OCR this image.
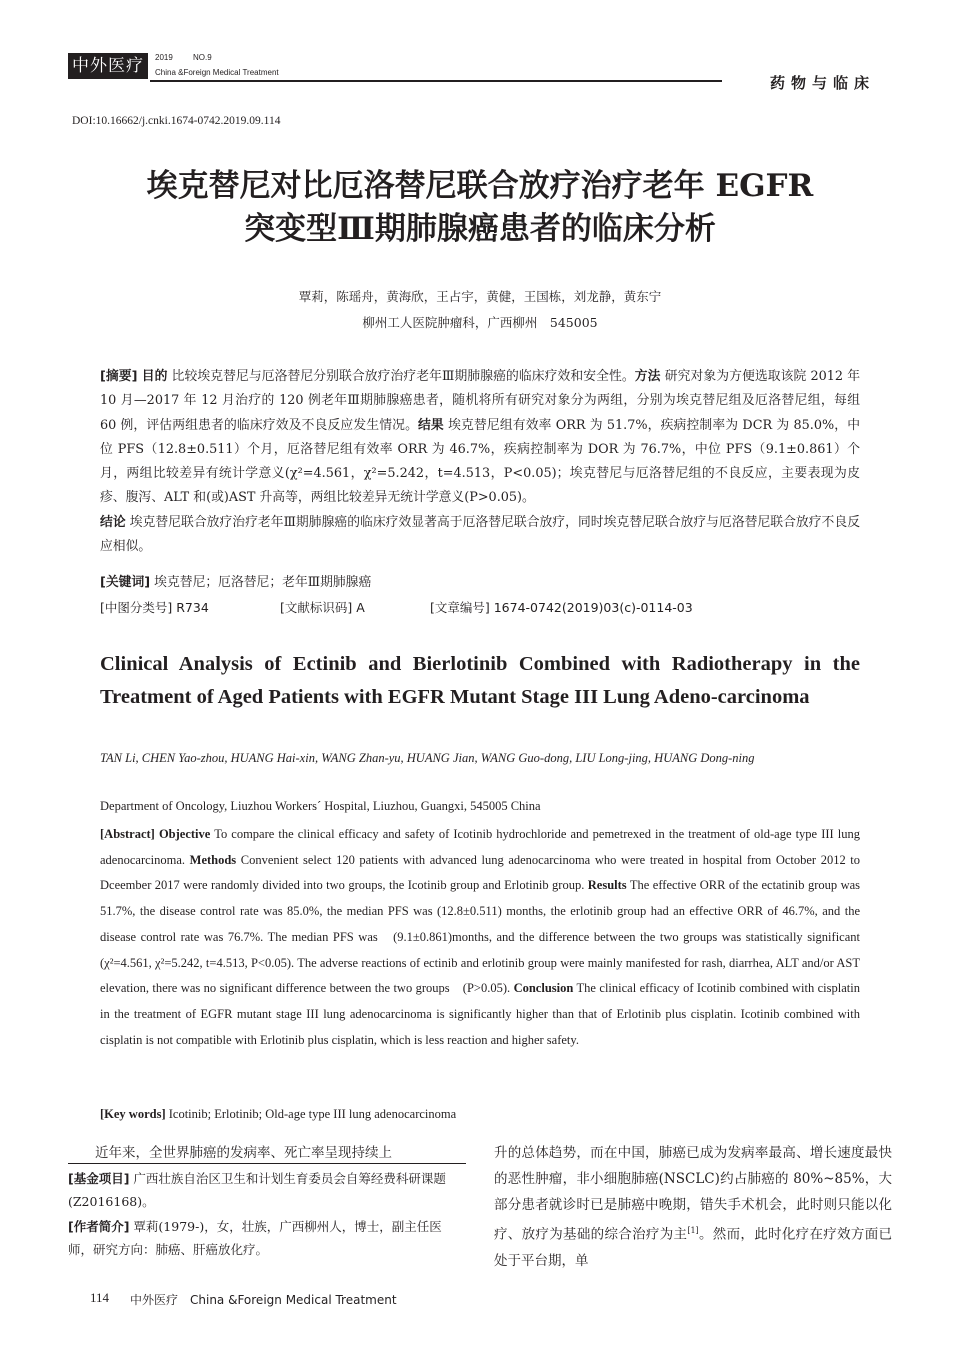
中外医疗	2019	NO.9
China &Foreign Medical Treatment
药物与临床
DOI:10.16662/j.cnki.1674-0742.2019.09.114
埃克替尼对比厄洛替尼联合放疗治疗老年 EGFR
突变型Ⅲ期肺腺癌患者的临床分析
覃莉，陈瑶舟，黄海欣，王占宇，黄健，王国栋，刘龙静，黄东宁
柳州工人医院肿瘤科，广西柳州　545005
[摘要] 目的 比较埃克替尼与厄洛替尼分别联合放疗治疗老年Ⅲ期肺腺癌的临床疗效和安全性。方法 研究对象为方便选取该院 2012 年 10 月—2017 年 12 月治疗的 120 例老年Ⅲ期肺腺癌患者，随机将所有研究对象分为两组，分别为埃克替尼组及厄洛替尼组，每组 60 例，评估两组患者的临床疗效及不良反应发生情况。结果 埃克替尼组有效率 ORR 为 51.7%，疾病控制率为 DCR 为 85.0%，中位 PFS（12.8±0.511）个月，厄洛替尼组有效率 ORR 为 46.7%，疾病控制率为 DOR 为 76.7%，中位 PFS（9.1±0.861）个月，两组比较差异有统计学意义(χ²=4.561，χ²=5.242，t=4.513，P<0.05)；埃克替尼与厄洛替尼组的不良反应，主要表现为皮疹、腹泻、ALT 和(或)AST 升高等，两组比较差异无统计学意义(P>0.05)。
结论 埃克替尼联合放疗治疗老年Ⅲ期肺腺癌的临床疗效显著高于厄洛替尼联合放疗，同时埃克替尼联合放疗与厄洛替尼联合放疗不良反应相似。
[关键词] 埃克替尼；厄洛替尼；老年Ⅲ期肺腺癌
[中图分类号] R734	[文献标识码] A	[文章编号] 1674-0742(2019)03(c)-0114-03
Clinical Analysis of Ectinib and Bierlotinib Combined with Radiotherapy in the Treatment of Aged Patients with EGFR Mutant Stage III Lung Adeno-carcinoma
TAN Li, CHEN Yao-zhou, HUANG Hai-xin, WANG Zhan-yu, HUANG Jian, WANG Guo-dong, LIU Long-jing, HUANG Dong-ning
Department of Oncology, Liuzhou Workers´ Hospital, Liuzhou, Guangxi, 545005 China
[Abstract] Objective To compare the clinical efficacy and safety of Icotinib hydrochloride and pemetrexed in the treatment of old-age type III lung adenocarcinoma. Methods Convenient select 120 patients with advanced lung adenocarcinoma who were treated in hospital from October 2012 to Dceember 2017 were randomly divided into two groups, the Icotinib group and Erlotinib group. Results The effective ORR of the ectatinib group was 51.7%, the disease control rate was 85.0%, the median PFS was (12.8±0.511) months, the erlotinib group had an effective ORR of 46.7%, and the disease control rate was 76.7%. The median PFS was　(9.1±0.861)months, and the difference between the two groups was statistically significant (χ²=4.561, χ²=5.242, t=4.513, P<0.05). The adverse reactions of ectinib and erlotinib group were mainly manifested for rash, diarrhea, ALT and/or AST elevation, there was no significant difference between the two groups　(P>0.05). Conclusion The clinical efficacy of Icotinib combined with cisplatin in the treatment of EGFR mutant stage III lung adenocarcinoma is significantly higher than that of Erlotinib plus cisplatin. Icotinib combined with cisplatin is not compatible with Erlotinib plus cisplatin, which is less reaction and higher safety.
[Key words] Icotinib; Erlotinib; Old-age type III lung adenocarcinoma
近年来，全世界肺癌的发病率、死亡率呈现持续上
[基金项目] 广西壮族自治区卫生和计划生育委员会自筹经费科研课题(Z2016168)。
[作者简介] 覃莉(1979-)，女，壮族，广西柳州人，博士，副主任医师，研究方向：肺癌、肝癌放化疗。
升的总体趋势，而在中国，肺癌已成为发病率最高、增长速度最快的恶性肿瘤，非小细胞肺癌(NSCLC)约占肺癌的 80%~85%，大部分患者就诊时已是肺癌中晚期，错失手术机会，此时则只能以化疗、放疗为基础的综合治疗为主[1]。然而，此时化疗在疗效方面已处于平台期，单
114 中外医疗　China &Foreign Medical Treatment
